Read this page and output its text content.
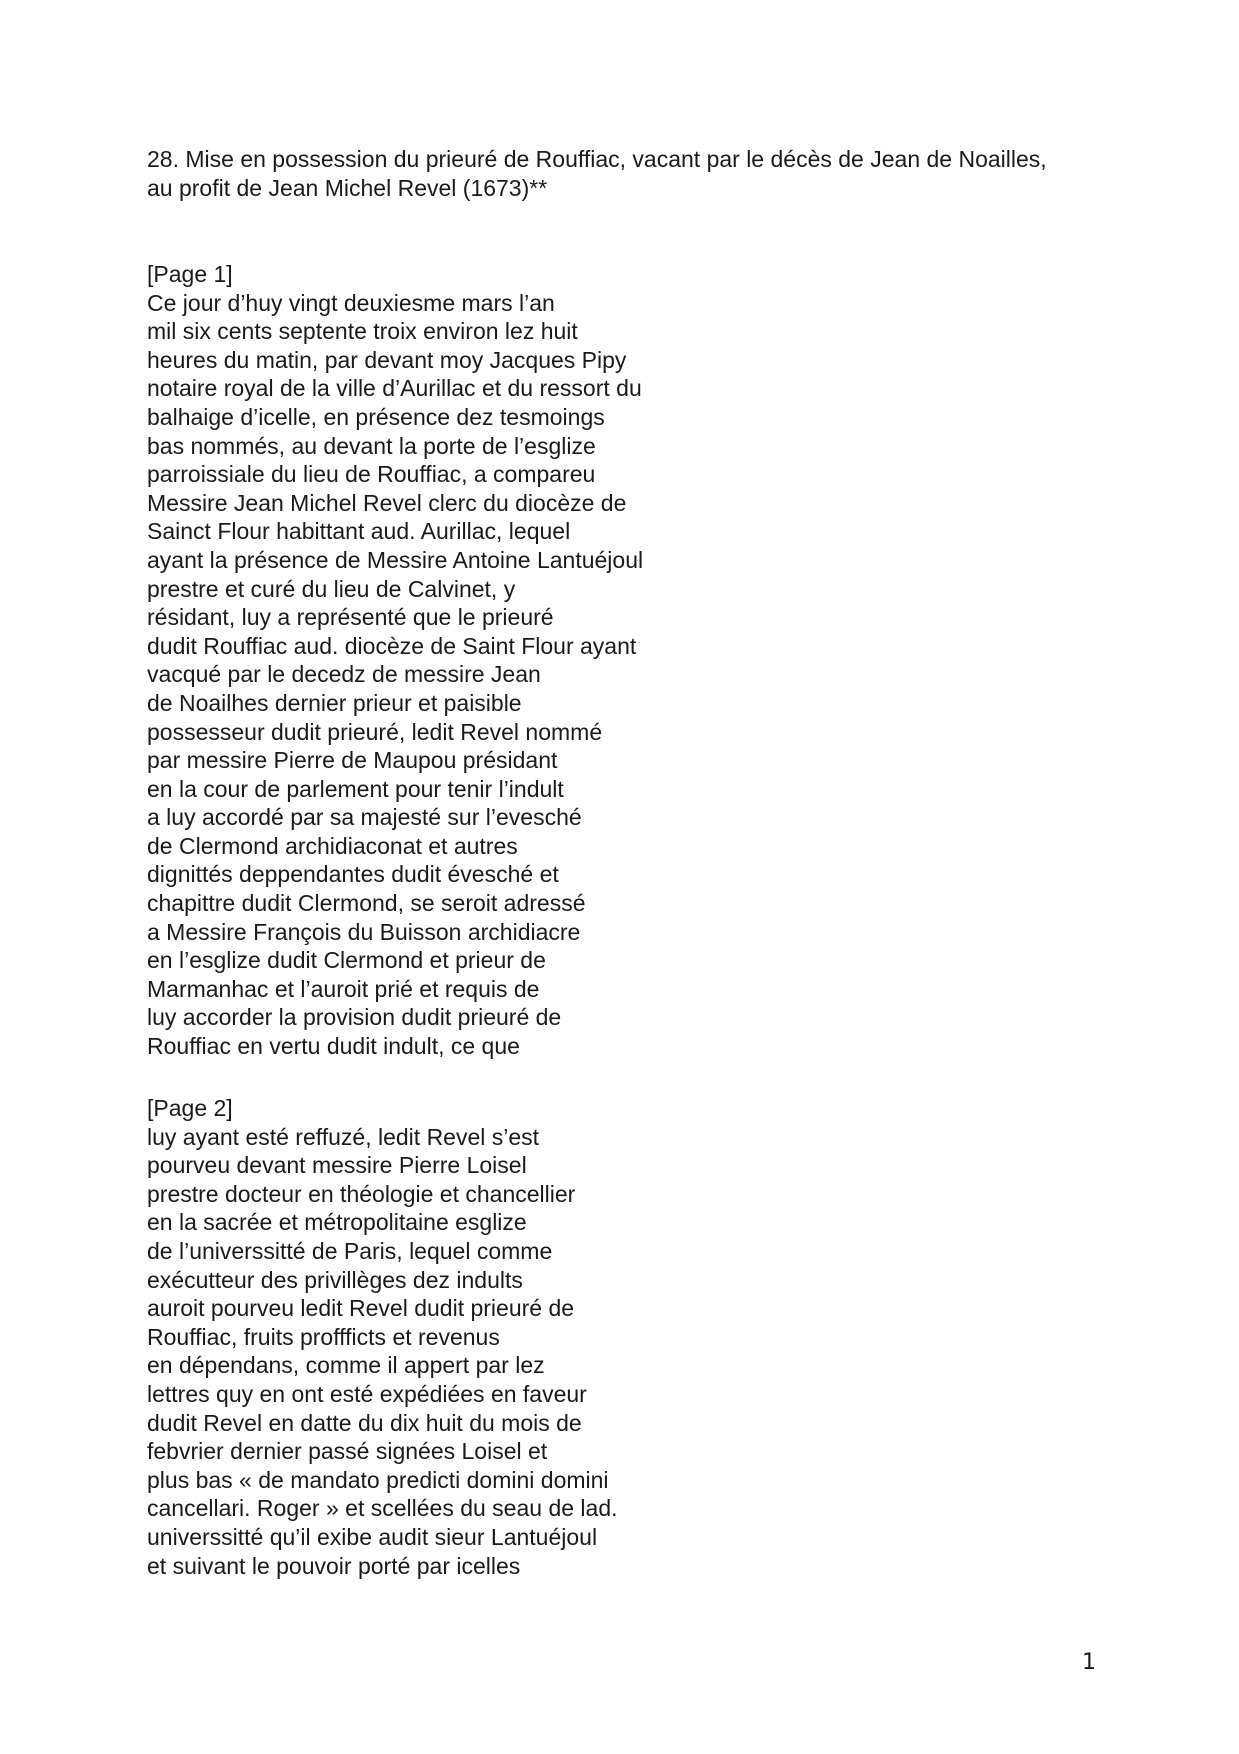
28. Mise en possession du prieuré de Rouffiac, vacant par le décès de Jean de Noailles,
au profit de Jean Michel Revel (1673)**
[Page 1]
Ce jour d’huy vingt deuxiesme mars l’an
mil six cents septente troix environ lez huit
heures du matin, par devant moy Jacques Pipy
notaire royal de la ville d’Aurillac et du ressort du
balhaige d’icelle, en présence dez tesmoings
bas nommés, au devant la porte de l’esglize
parroissiale du lieu de Rouffiac, a compareu
Messire Jean Michel Revel clerc du diocèze de
Sainct Flour habittant aud. Aurillac, lequel
ayant la présence de Messire Antoine Lantuéjoul
prestre et curé du lieu de Calvinet, y
résidant, luy a représenté que le prieuré
dudit Rouffiac aud. diocèze de Saint Flour ayant
vacqué par le decedz de messire Jean
de Noailhes dernier prieur et paisible
possesseur dudit prieuré, ledit Revel nommé
par messire Pierre de Maupou présidant
en la cour de parlement pour tenir l’indult
a luy accordé par sa majesté sur l’evesché
de Clermond archidiaconat et autres
dignittés deppendantes dudit évesché et
chapittre dudit Clermond, se seroit adressé
a Messire François du Buisson archidiacre
en l’esglize dudit Clermond et prieur de
Marmanhac et l’auroit prié et requis de
luy accorder la provision dudit prieuré de
Rouffiac en vertu dudit indult, ce que
[Page 2]
luy ayant esté reffuzé, ledit Revel s’est
pourveu devant messire Pierre Loisel
prestre docteur en théologie et chancellier
en la sacrée et métropolitaine esglize
de l’universsitté de Paris, lequel comme
exécutteur des privillèges dez indults
auroit pourveu ledit Revel dudit prieuré de
Rouffiac, fruits proffficts et revenus
en dépendans, comme il appert par lez
lettres quy en ont esté expédiées en faveur
dudit Revel en datte du dix huit du mois de
febvrier dernier passé signées Loisel et
plus bas « de mandato predicti domini domini
cancellari. Roger » et scellées du seau de lad.
universsitté qu’il exibe audit sieur Lantuéjoul
et suivant le pouvoir porté par icelles
1
